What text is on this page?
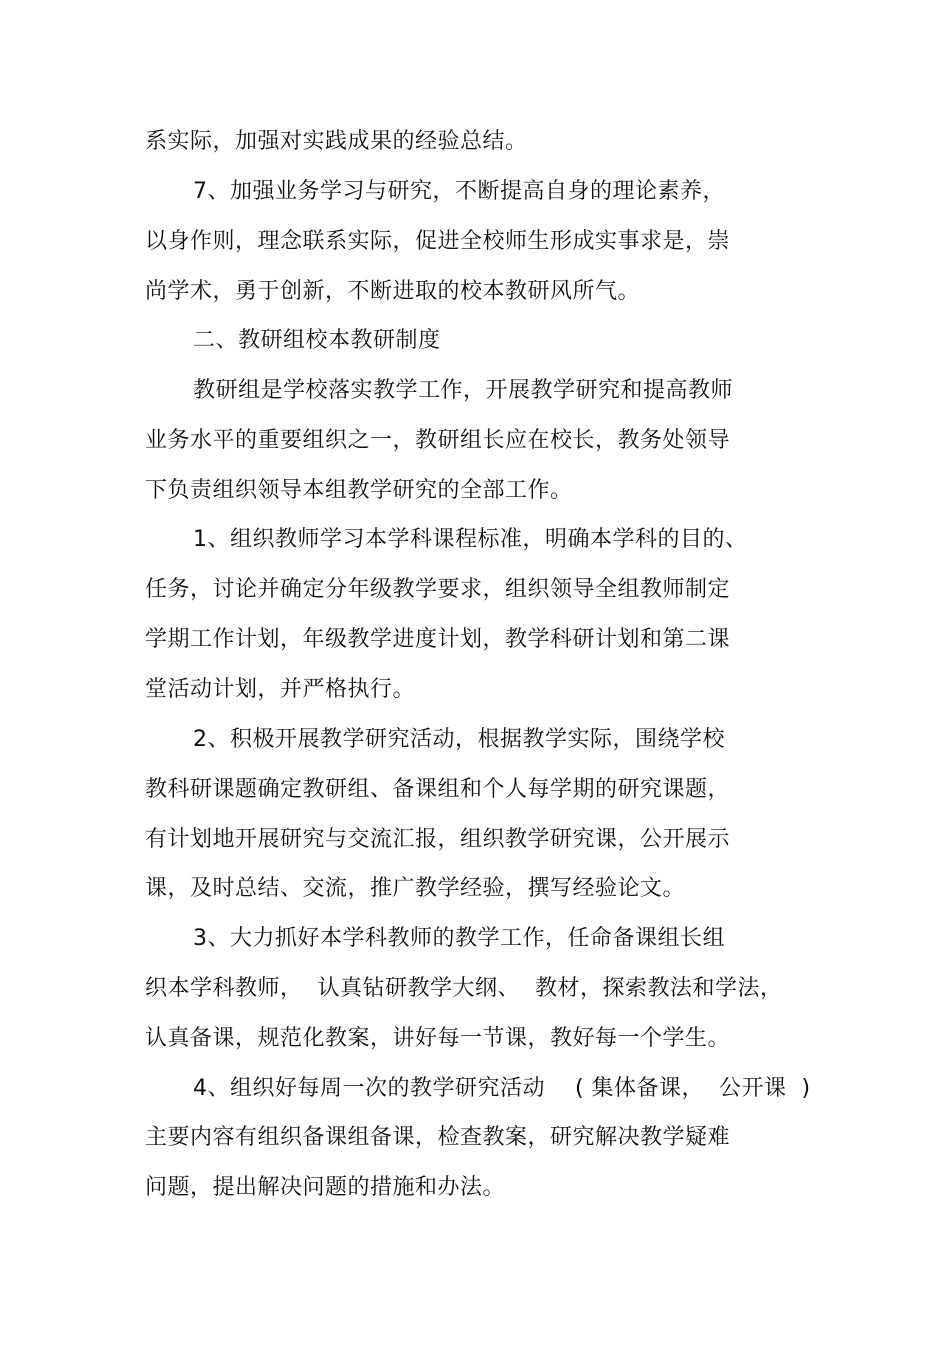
系实际，加强对实践成果的经验总结。
7、加强业务学习与研究，不断提高自身的理论素养，
以身作则，理念联系实际，促进全校师生形成实事求是，崇
尚学术，勇于创新，不断进取的校本教研风所气。
二、教研组校本教研制度
教研组是学校落实教学工作，开展教学研究和提高教师
业务水平的重要组织之一，教研组长应在校长，教务处领导
下负责组织领导本组教学研究的全部工作。
1、组织教师学习本学科课程标准，明确本学科的目的、
任务，讨论并确定分年级教学要求，组织领导全组教师制定
学期工作计划，年级教学进度计划，教学科研计划和第二课
堂活动计划，并严格执行。
2、积极开展教学研究活动，根据教学实际，围绕学校
教科研课题确定教研组、备课组和个人每学期的研究课题，
有计划地开展研究与交流汇报，组织教学研究课，公开展示
课，及时总结、交流，推广教学经验，撰写经验论文。
3、大力抓好本学科教师的教学工作，任命备课组长组
织本学科教师，  认真钻研教学大纲、  教材，探索教法和学法，
认真备课，规范化教案，讲好每一节课，教好每一个学生。
4、组织好每周一次的教学研究活动    ( 集体备课，  公开课  )
主要内容有组织备课组备课，检查教案，研究解决教学疑难
问题，提出解决问题的措施和办法。
